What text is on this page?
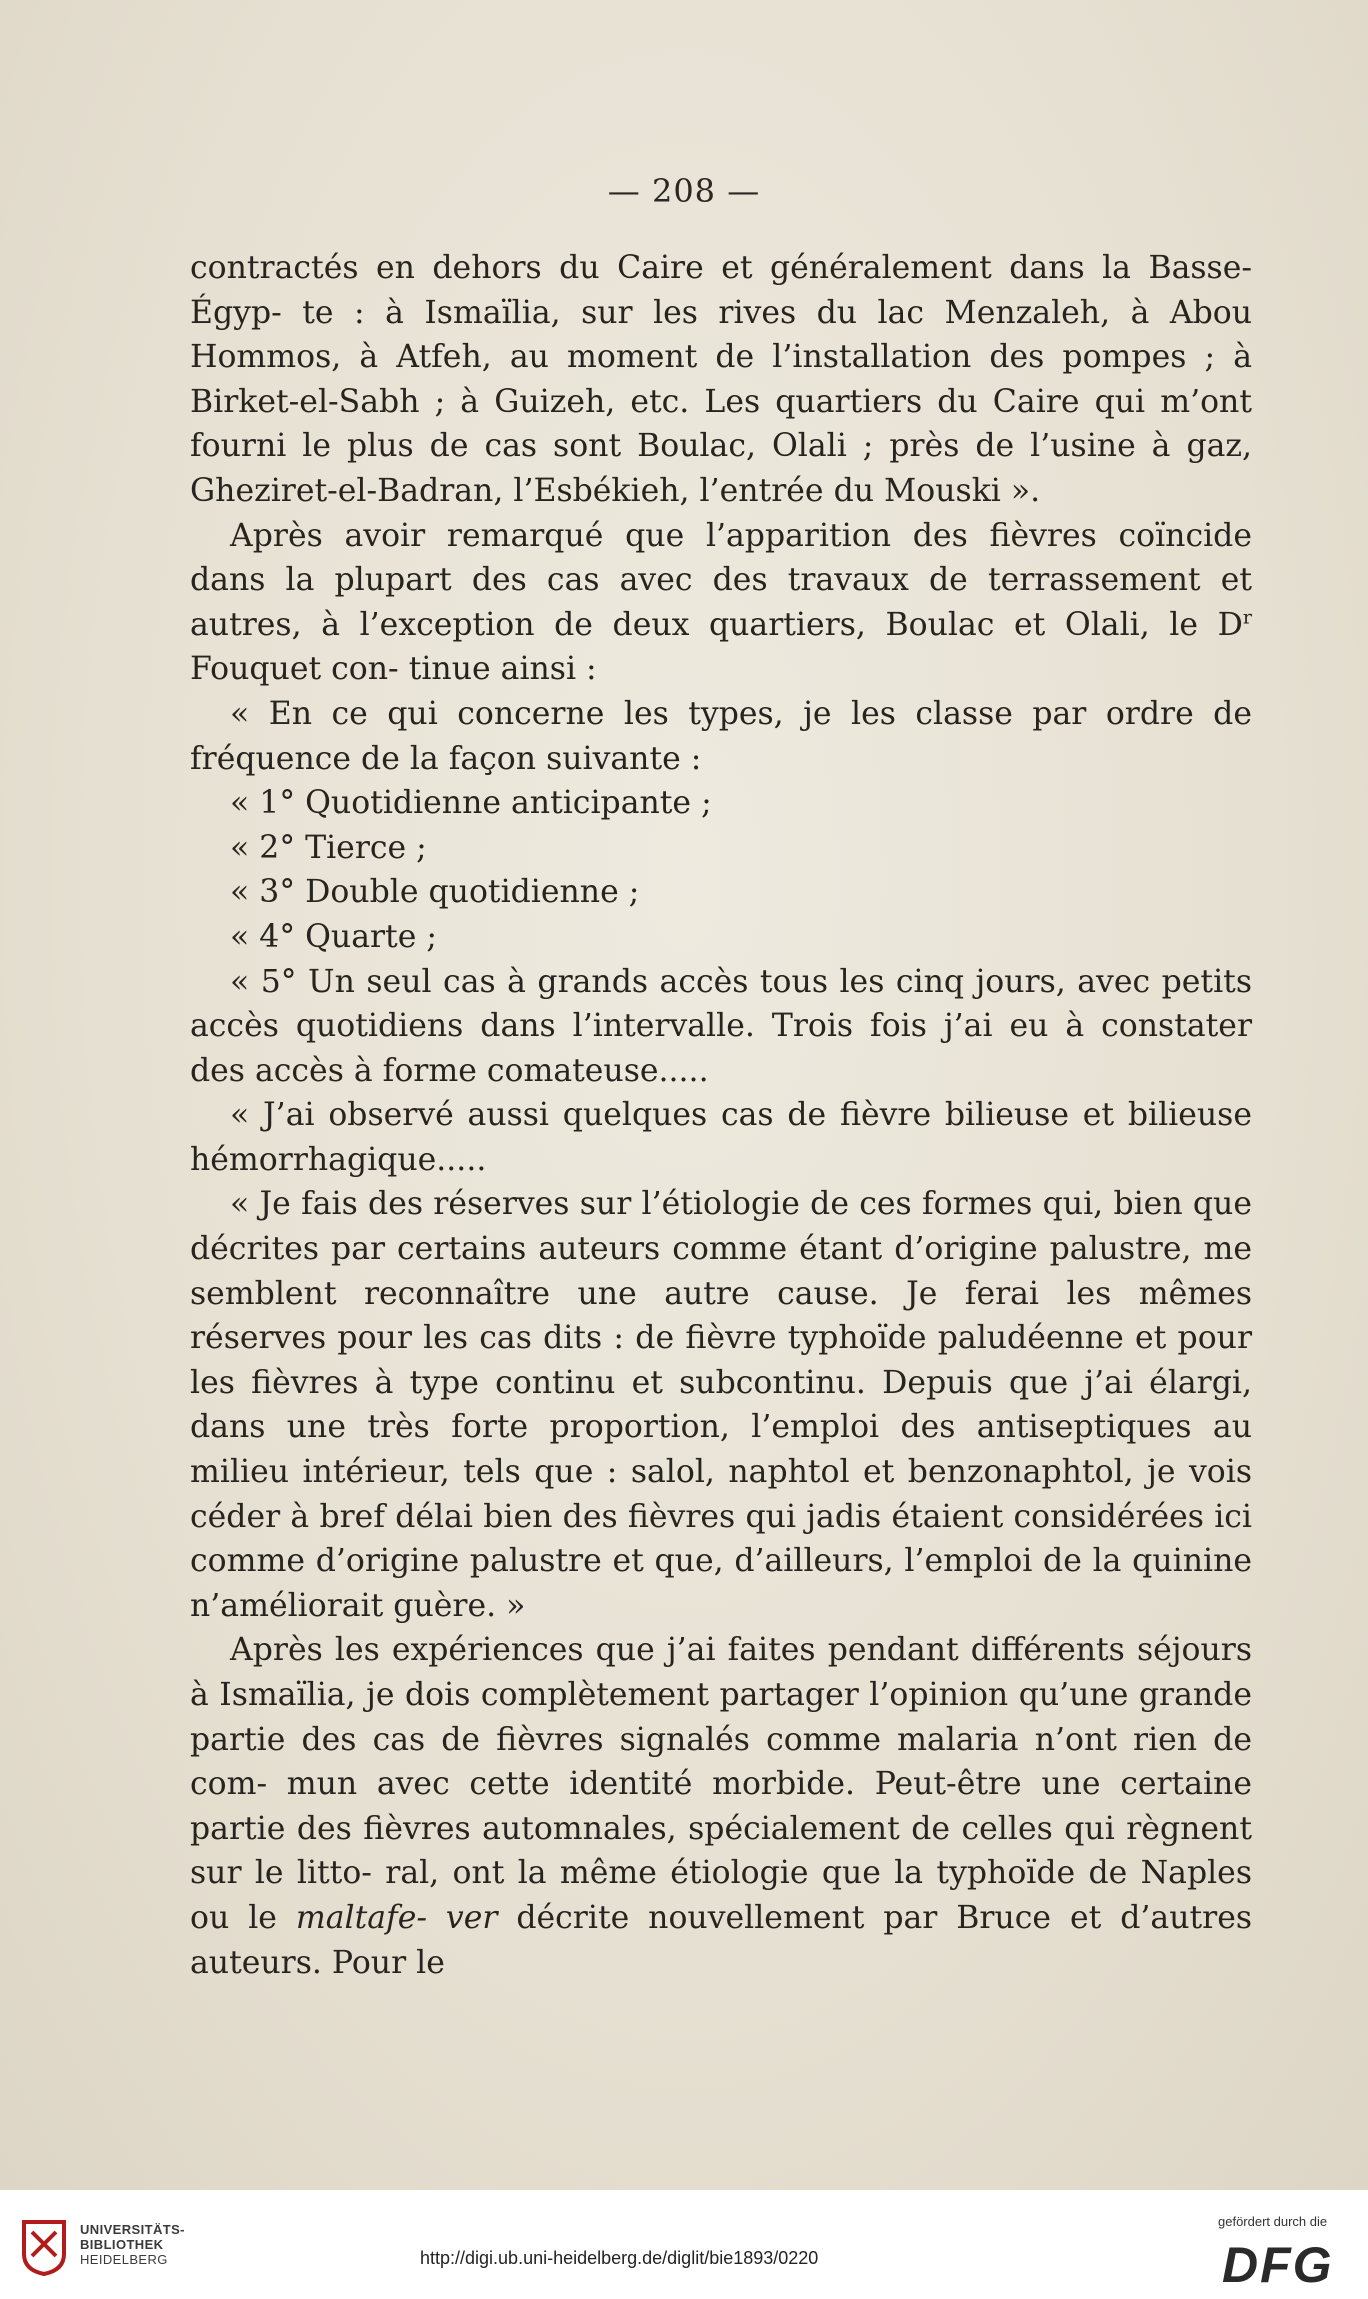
— 208 —

contractés en dehors du Caire et généralement dans la Basse-Égyp- te : à Ismaïlia, sur les rives du lac Menzaleh, à Abou Hommos, à Atfeh, au moment de l’installation des pompes ; à Birket-el-Sabh ; à Guizeh, etc. Les quartiers du Caire qui m’ont fourni le plus de cas sont Boulac, Olali ; près de l’usine à gaz, Gheziret-el-Badran, l’Esbékieh, l’entrée du Mouski ».

Après avoir remarqué que l’apparition des fièvres coïncide dans la plupart des cas avec des travaux de terrassement et autres, à l’exception de deux quartiers, Boulac et Olali, le $D^r$ Fouquet con- tinue ainsi :

« En ce qui concerne les types, je les classe par ordre de fréquence de la façon suivante :

« 1° Quotidienne anticipante ;

« 2° Tierce ;

« 3° Double quotidienne ;

« 4° Quarte ;

« 5° Un seul cas à grands accès tous les cinq jours, avec petits accès quotidiens dans l’intervalle. Trois fois j’ai eu à constater des accès à forme comateuse.....

« J’ai observé aussi quelques cas de fièvre bilieuse et bilieuse hémorrhagique.....

« Je fais des réserves sur l’étiologie de ces formes qui, bien que décrites par certains auteurs comme étant d’origine palustre, me semblent reconnaître une autre cause. Je ferai les mêmes réserves pour les cas dits : de fièvre typhoïde paludéenne et pour les fièvres à type continu et subcontinu. Depuis que j’ai élargi, dans une très forte proportion, l’emploi des antiseptiques au milieu intérieur, tels que : salol, naphtol et benzonaphtol, je vois céder à bref délai bien des fièvres qui jadis étaient considérées ici comme d’origine palustre et que, d’ailleurs, l’emploi de la quinine n’améliorait guère. »

Après les expériences que j’ai faites pendant différents séjours à Ismaïlia, je dois complètement partager l’opinion qu’une grande partie des cas de fièvres signalés comme malaria n’ont rien de com- mun avec cette identité morbide. Peut-être une certaine partie des fièvres automnales, spécialement de celles qui règnent sur le litto- ral, ont la même étiologie que la typhoïde de Naples ou le maltafe- ver décrite nouvellement par Bruce et d’autres auteurs. Pour le

UNIVERSITÄTS-
BIBLIOTHEK
HEIDELBERG	http://digi.ub.uni-heidelberg.de/diglit/bie1893/0220
gefördert durch die
DFG
